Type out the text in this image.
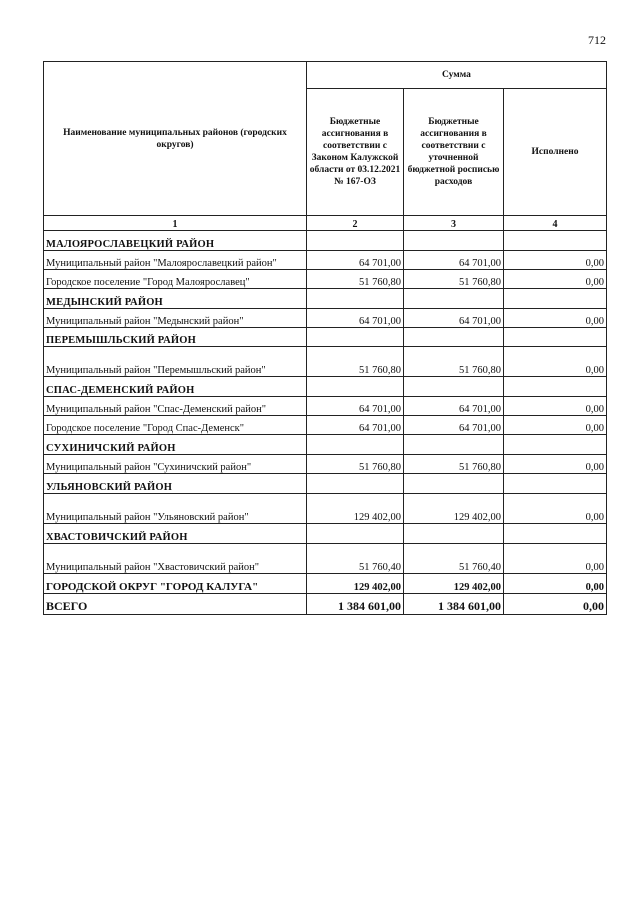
712
Наименование муниципальных районов (городских округов)	Сумма		
	Бюджетные ассигнования в соответствии с Законом Калужской области от 03.12.2021 № 167-ОЗ	Бюджетные ассигнования в соответствии с уточненной бюджетной росписью расходов	Исполнено
1	2	3	4
МАЛОЯРОСЛАВЕЦКИЙ РАЙОН			
Муниципальный район "Малоярославецкий район"	64 701,00	64 701,00	0,00
Городское поселение "Город Малоярославец"	51 760,80	51 760,80	0,00
МЕДЫНСКИЙ РАЙОН			
Муниципальный район "Медынский район"	64 701,00	64 701,00	0,00
ПЕРЕМЫШЛЬСКИЙ РАЙОН			
Муниципальный район "Перемышльский район"	51 760,80	51 760,80	0,00
СПАС-ДЕМЕНСКИЙ РАЙОН			
Муниципальный район "Спас-Деменский район"	64 701,00	64 701,00	0,00
Городское поселение "Город Спас-Деменск"	64 701,00	64 701,00	0,00
СУХИНИЧСКИЙ РАЙОН			
Муниципальный район "Сухиничский район"	51 760,80	51 760,80	0,00
УЛЬЯНОВСКИЙ РАЙОН			
Муниципальный район "Ульяновский район"	129 402,00	129 402,00	0,00
ХВАСТОВИЧСКИЙ РАЙОН			
Муниципальный район "Хвастовичский район"	51 760,40	51 760,40	0,00
ГОРОДСКОЙ ОКРУГ "ГОРОД КАЛУГА"	129 402,00	129 402,00	0,00
ВСЕГО	1 384 601,00	1 384 601,00	0,00
